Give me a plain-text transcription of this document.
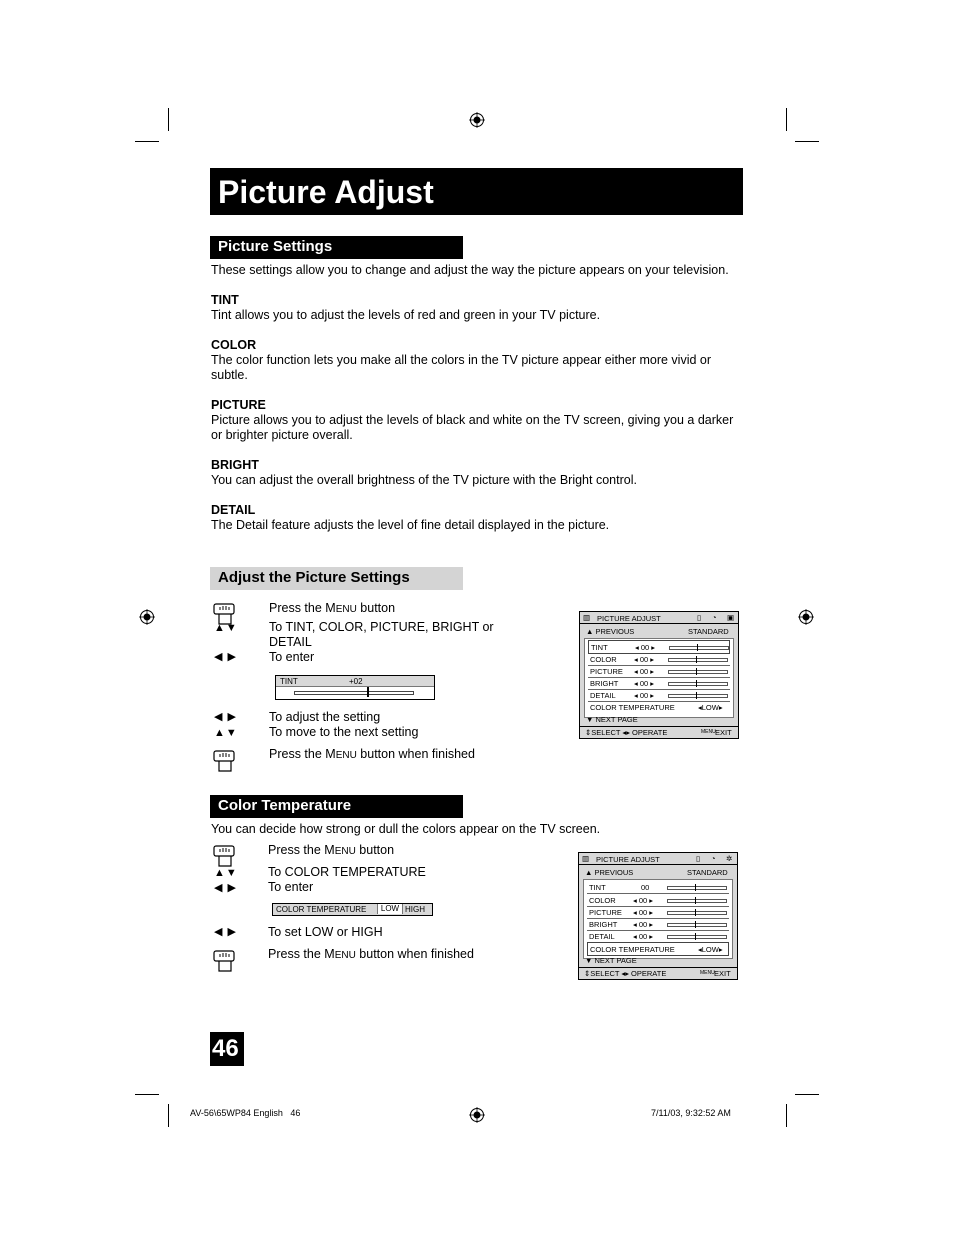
Picture Adjust
Picture Settings
These settings allow you to change and adjust the way the picture appears on your television.
TINT
Tint allows you to adjust the levels of red and green in your TV picture.
COLOR
The color function lets you make all the colors in the TV picture appear either more vivid or subtle.
PICTURE
Picture allows you to adjust the levels of black and white on the TV screen, giving you a darker or brighter picture overall.
BRIGHT
You can adjust the overall brightness of the TV picture with the Bright control.
DETAIL
The Detail feature adjusts the level of fine detail displayed in the picture.
Adjust the Picture Settings
Press the MENU button
▲▼ To TINT, COLOR, PICTURE, BRIGHT or
DETAIL
◀ ▶	To enter
TINT	+02
◀ ▶	To adjust the setting
▲▼ To move to the next setting
Press the MENU button when finished
▥ PICTURE ADJUST	▯ ◔ ▣
▲ PREVIOUS	STANDARD
TINT	◂ 00 ▸
COLOR ◂ 00 ▸
PICTURE ◂ 00 ▸
BRIGHT ◂ 00 ▸
DETAIL ◂ 00 ▸
COLOR TEMPERATURE	◂LOW▸
▼ NEXT PAGE
⇕SELECT ◂▸ OPERATE	MENU EXIT
Color Temperature
You can decide how strong or dull the colors appear on the TV screen.
Press the MENU button
▲▼ To COLOR TEMPERATURE
◀ ▶ To enter
COLOR TEMPERATURE	LOW HIGH
◀ ▶ To set LOW or HIGH
Press the MENU button when finished
▥ PICTURE ADJUST	▯ ◔ ✲
▲ PREVIOUS	STANDARD
TINT	00
COLOR ◂ 00 ▸
PICTURE ◂ 00 ▸
BRIGHT ◂ 00 ▸
DETAIL ◂ 00 ▸
COLOR TEMPERATURE	◂LOW▸
▼ NEXT PAGE
⇕SELECT ◂▸ OPERATE	MENU EXIT
46
AV-56\65WP84 English   46	7/11/03, 9:32:52 AM
